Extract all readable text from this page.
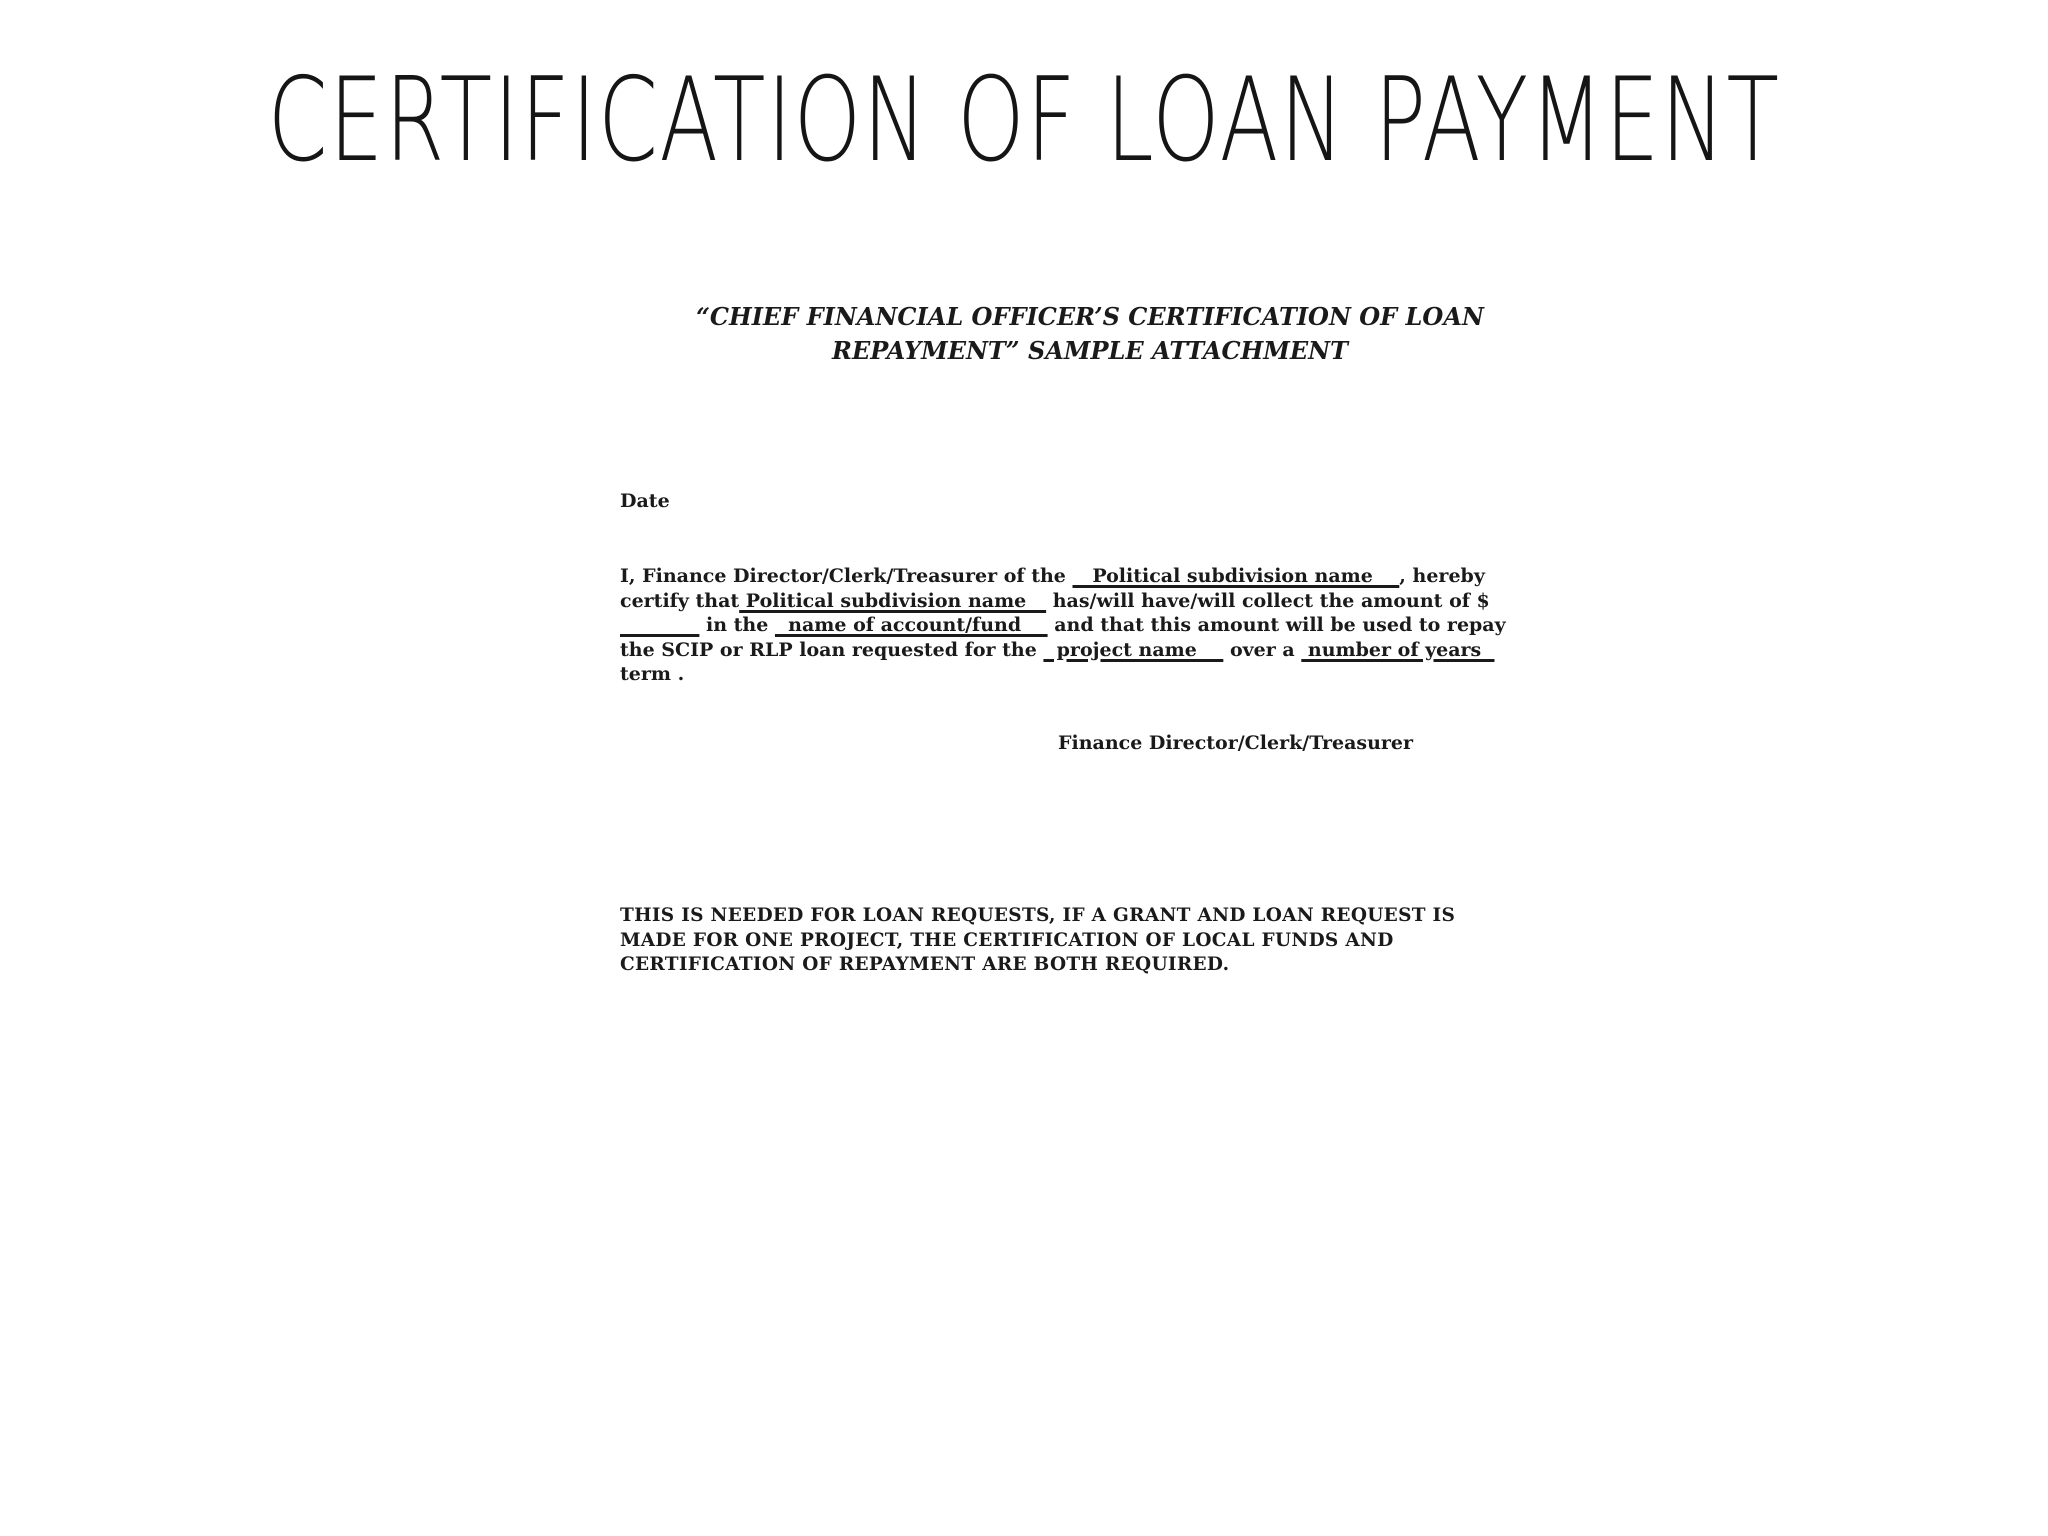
CERTIFICATION OF LOAN PAYMENT
“CHIEF FINANCIAL OFFICER’S CERTIFICATION OF LOAN
REPAYMENT” SAMPLE ATTACHMENT
Date
I, Finance Director/Clerk/Treasurer of the    Political subdivision name    , hereby certify that Political subdivision name    has/will have/will collect the amount of $              in the   name of account/fund     and that this amount will be used to repay the SCIP or RLP loan requested for the   project name     over a  number of years   term .
Finance Director/Clerk/Treasurer
THIS IS NEEDED FOR LOAN REQUESTS, IF A GRANT AND LOAN REQUEST IS MADE FOR ONE PROJECT, THE CERTIFICATION OF LOCAL FUNDS AND CERTIFICATION OF REPAYMENT ARE BOTH REQUIRED.
